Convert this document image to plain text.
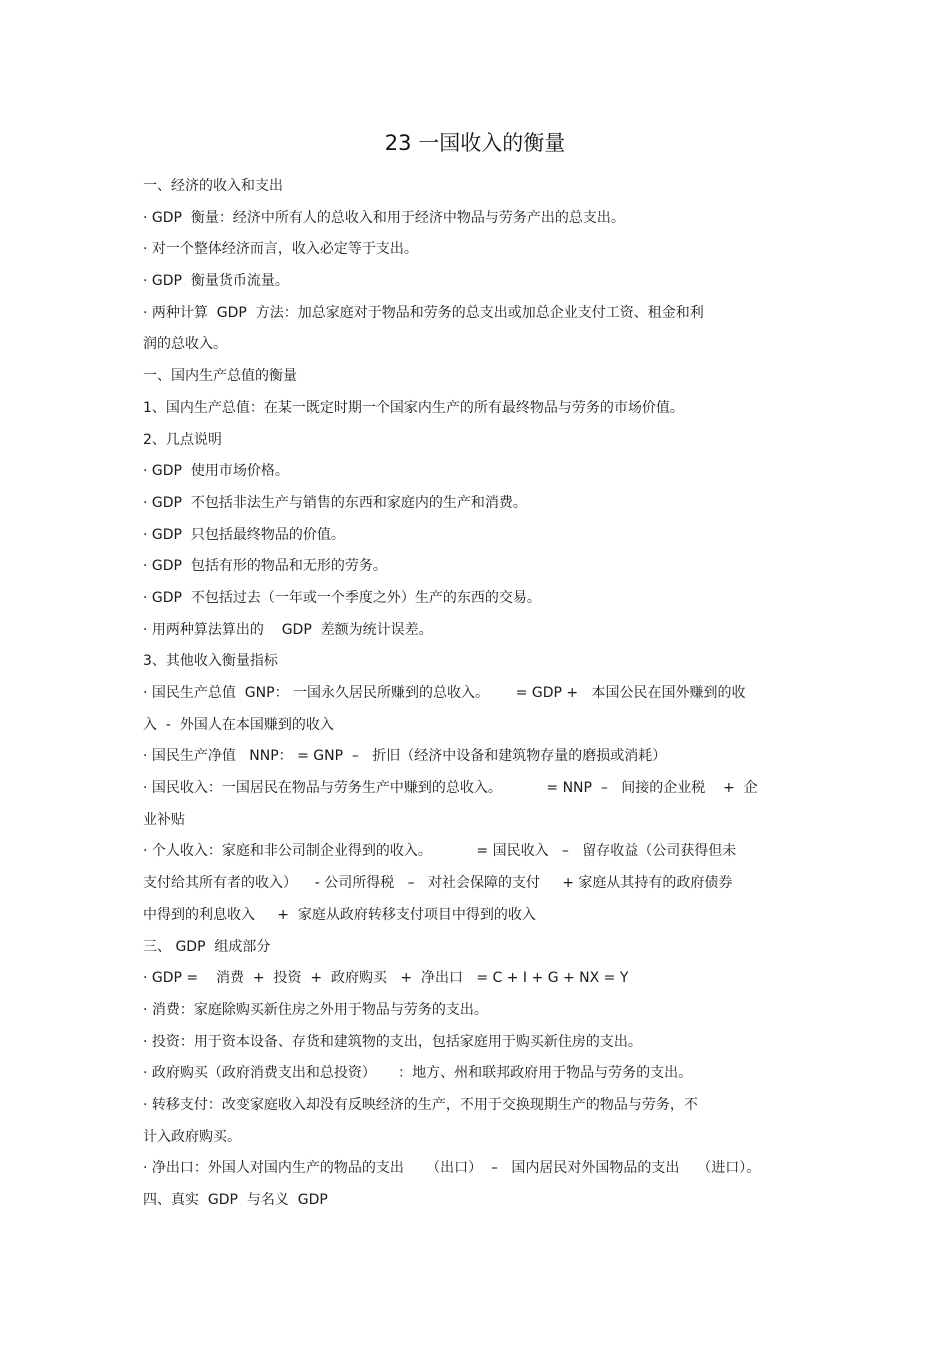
23 一国收入的衡量
一、经济的收入和支出
· GDP  衡量：经济中所有人的总收入和用于经济中物品与劳务产出的总支出。
· 对一个整体经济而言，收入必定等于支出。
· GDP  衡量货币流量。
· 两种计算  GDP  方法：加总家庭对于物品和劳务的总支出或加总企业支付工资、租金和利
润的总收入。
一、国内生产总值的衡量
1、国内生产总值：在某一既定时期一个国家内生产的所有最终物品与劳务的市场价值。
2、几点说明
· GDP  使用市场价格。
· GDP  不包括非法生产与销售的东西和家庭内的生产和消费。
· GDP  只包括最终物品的价值。
· GDP  包括有形的物品和无形的劳务。
· GDP  不包括过去（一年或一个季度之外）生产的东西的交易。
· 用两种算法算出的    GDP  差额为统计误差。
3、其他收入衡量指标
· 国民生产总值  GNP： 一国永久居民所赚到的总收入。      = GDP +   本国公民在国外赚到的收
入  -  外国人在本国赚到的收入
· 国民生产净值   NNP： = GNP  –   折旧（经济中设备和建筑物存量的磨损或消耗）
· 国民收入：一国居民在物品与劳务生产中赚到的总收入。          = NNP  –   间接的企业税    +  企
业补贴
· 个人收入：家庭和非公司制企业得到的收入。          = 国民收入   –   留存收益（公司获得但未
支付给其所有者的收入）    - 公司所得税   –   对社会保障的支付     + 家庭从其持有的政府债券
中得到的利息收入     +  家庭从政府转移支付项目中得到的收入
三、 GDP  组成部分
· GDP =    消费  +  投资  +  政府购买   +  净出口   = C + I + G + NX = Y
· 消费：家庭除购买新住房之外用于物品与劳务的支出。
· 投资：用于资本设备、存货和建筑物的支出，包括家庭用于购买新住房的支出。
· 政府购买（政府消费支出和总投资）     ：地方、州和联邦政府用于物品与劳务的支出。
· 转移支付：改变家庭收入却没有反映经济的生产，不用于交换现期生产的物品与劳务，不
计入政府购买。
· 净出口：外国人对国内生产的物品的支出     （出口）  –   国内居民对外国物品的支出    （进口）。
四、真实  GDP  与名义  GDP
